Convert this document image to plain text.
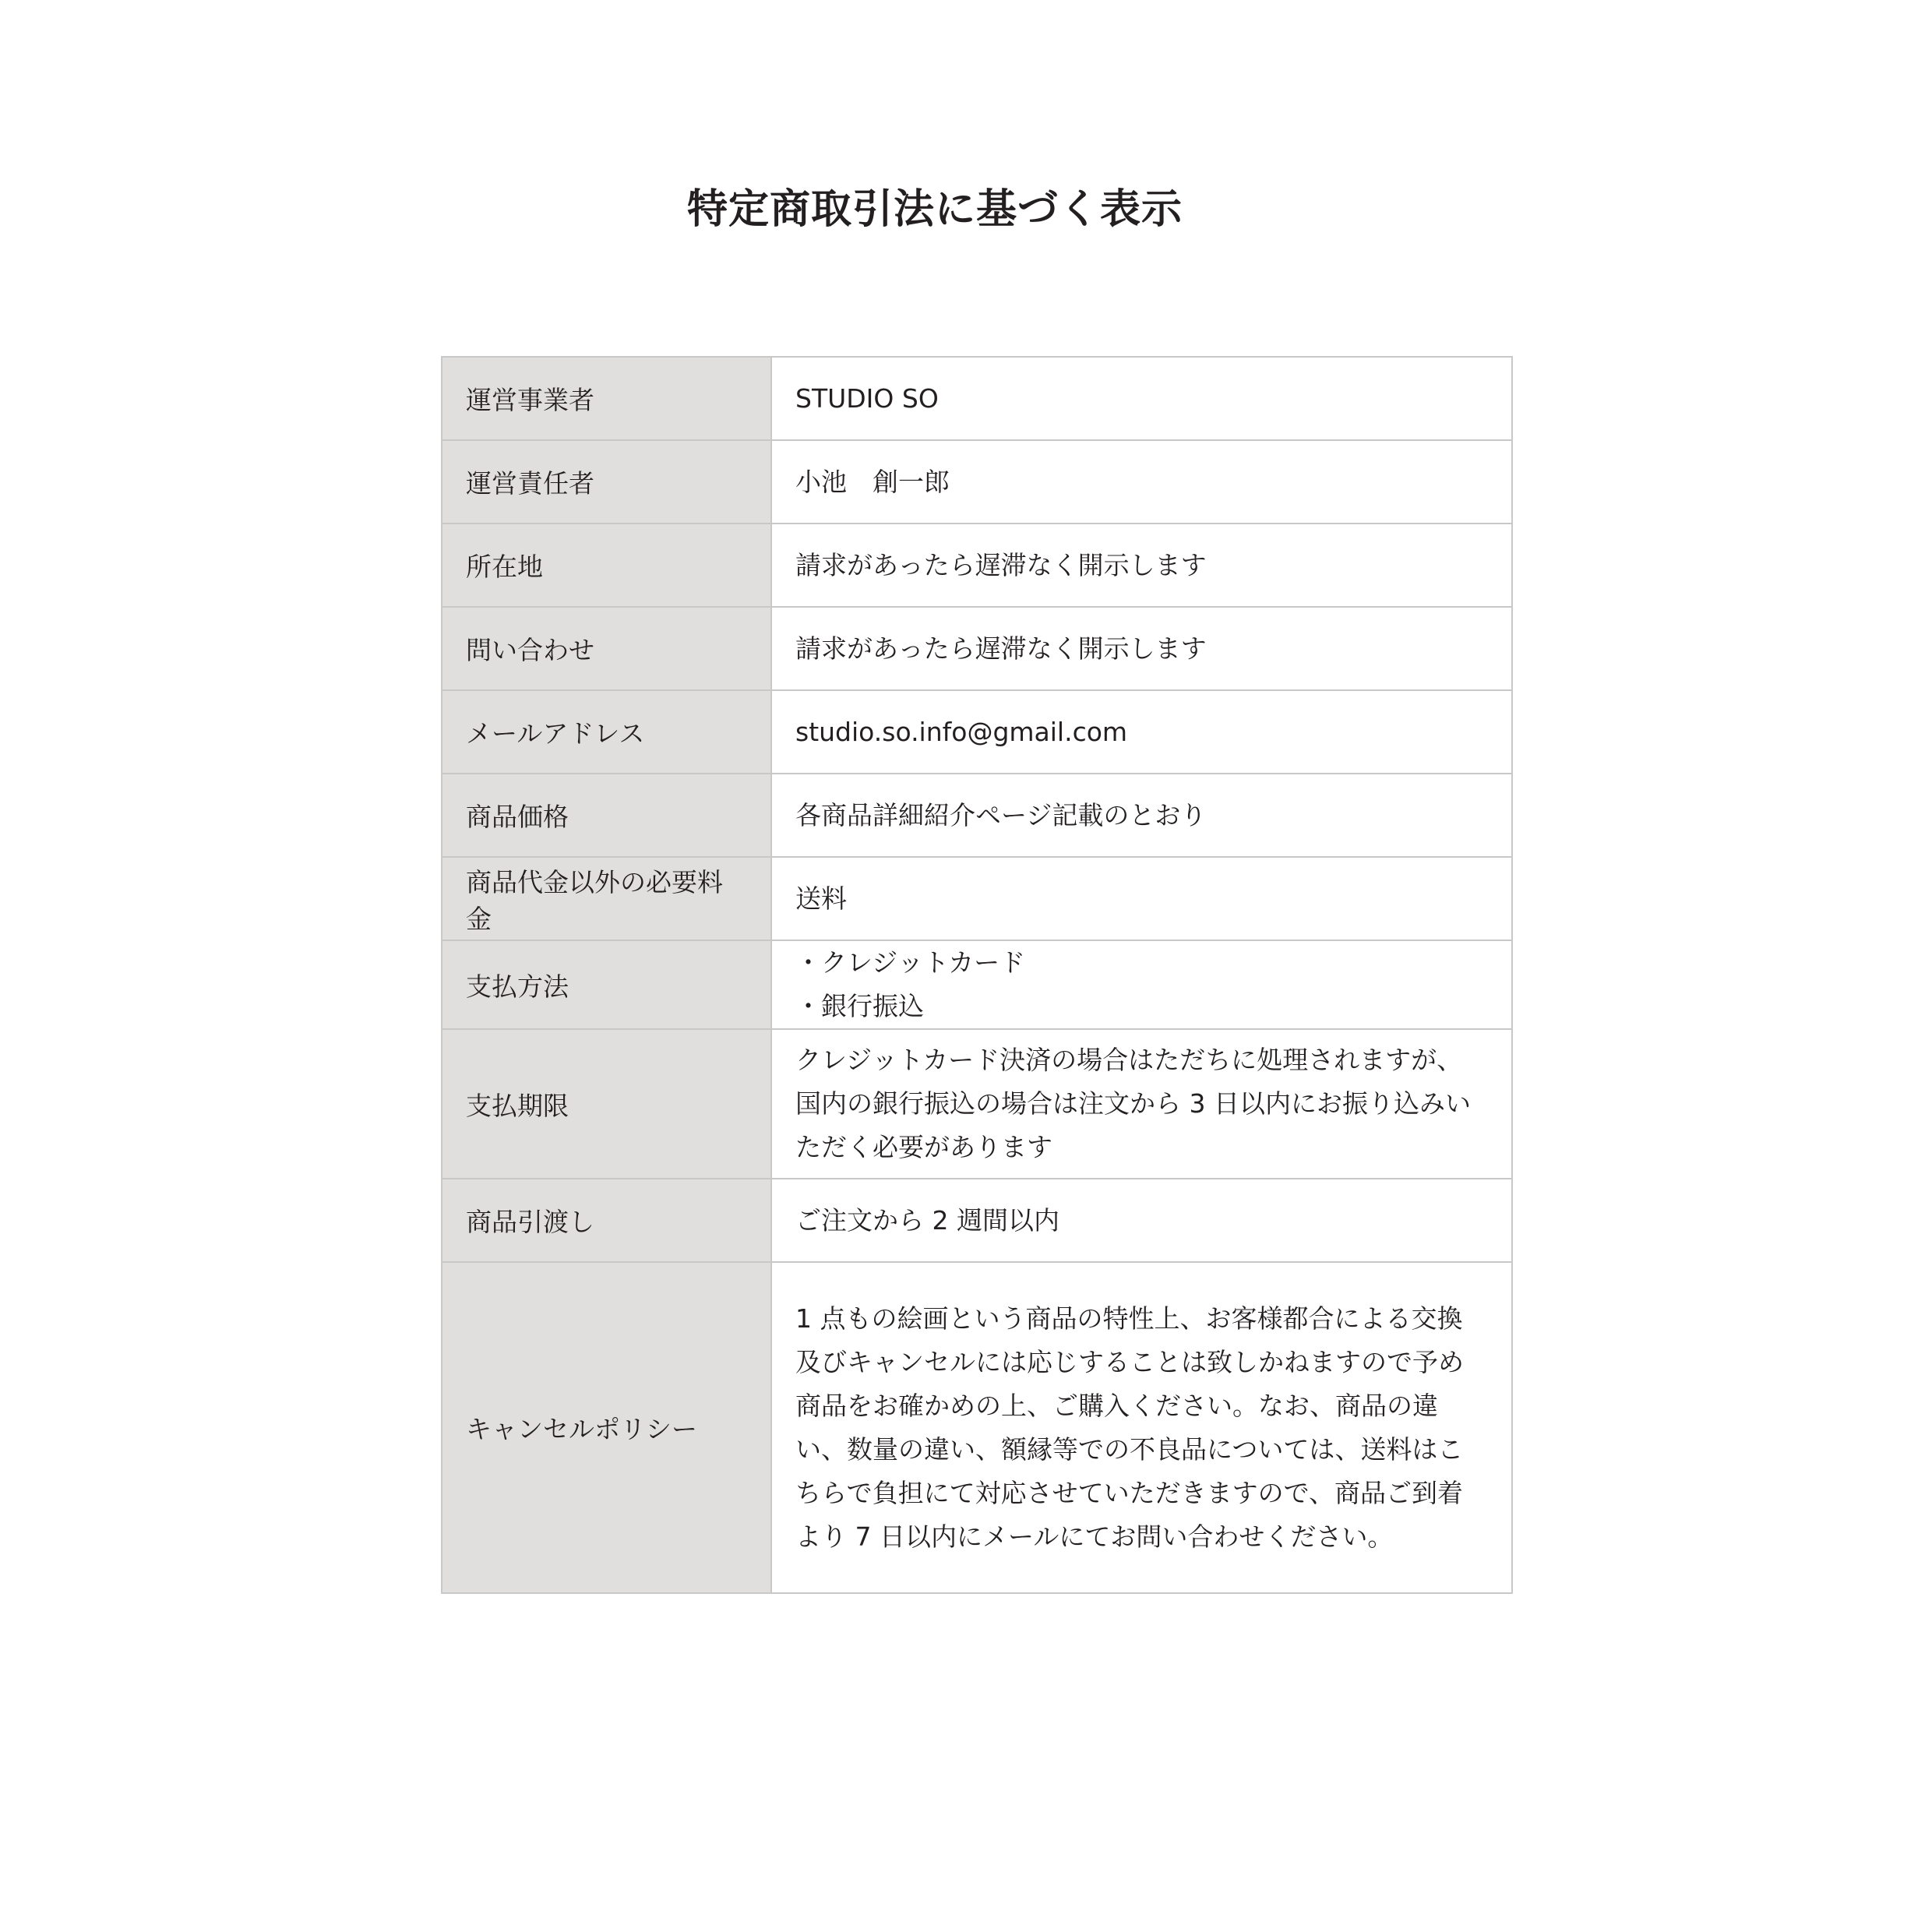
特定商取引法に基づく表示
運営事業者	STUDIO SO

運営責任者	小池　創一郎

所在地	請求があったら遅滞なく開示します

問い合わせ	請求があったら遅滞なく開示します

メールアドレス	studio.so.info@gmail.com

商品価格	各商品詳細紹介ページ記載のとおり

商品代金以外の必要料金	送料

支払方法	・クレジットカード
・銀行振込

支払期限	クレジットカード決済の場合はただちに処理されますが、国内の銀行振込の場合は注文から 3 日以内にお振り込みいただく必要があります

商品引渡し	ご注文から 2 週間以内

キャンセルポリシー	1 点もの絵画という商品の特性上、お客様都合による交換及びキャンセルには応じすることは致しかねますので予め商品をお確かめの上、ご購入ください。なお、商品の違い、数量の違い、額縁等での不良品については、送料はこちらで負担にて対応させていただきますので、商品ご到着より 7 日以内にメールにてお問い合わせください。
